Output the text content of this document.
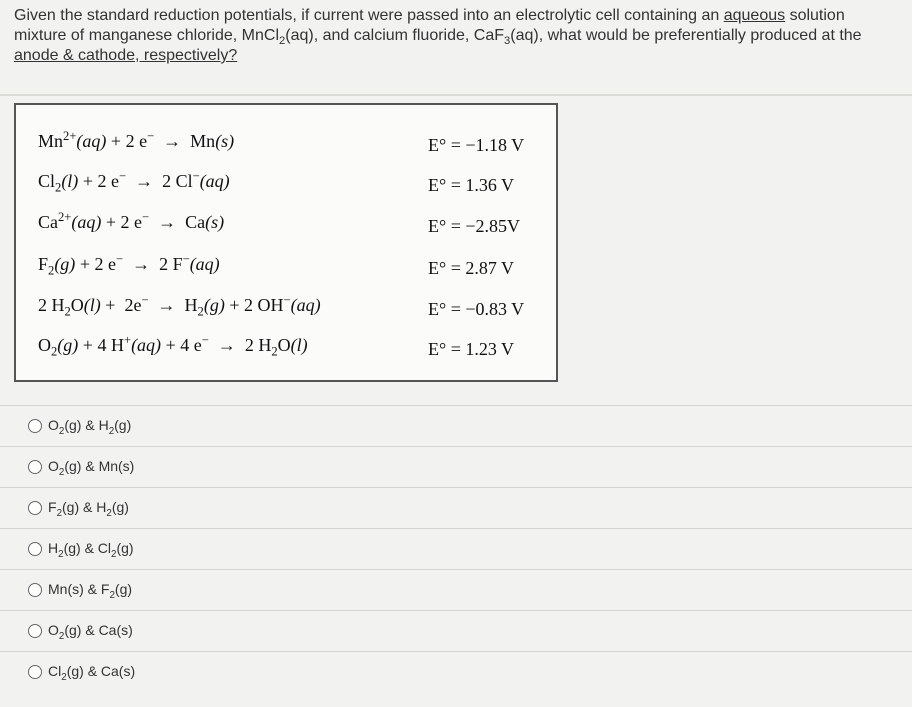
Given the standard reduction potentials, if current were passed into an electrolytic cell containing an aqueous solution mixture of manganese chloride, MnCl$_2$(aq), and calcium fluoride, CaF$_3$(aq), what would be preferentially produced at the anode & cathode, respectively?
$Mn^{2+}(aq) + 2$ e−  →  Mn(s)	E° = −1.18 V
$Cl_2(l) + 2$ e−  →  2 Cl−(aq)	E° = 1.36 V
$Ca^{2+}(aq) + 2$ e−  →  Ca(s)	E° = −2.85V
$F_2(g) + 2$ e−  →  2 F−(aq)	E° = 2.87 V
2 $H_2O(l) + 2e^- \to H_2(g) + 2$ OH−(aq)	E° = −0.83 V
$O_2(g) + 4$ H+(aq) + 4 e−  →  2 $H_2O(l)$	E° = 1.23 V
$O_2(g)$ & $H_2(g)$
$O_2(g)$ & Mn(s)
$F_2(g)$ & $H_2(g)$
$H_2(g)$ & $Cl_2(g)$
Mn(s) & $F_2(g)$
$O_2(g)$ & Ca(s)
$Cl_2(g)$ & Ca(s)
